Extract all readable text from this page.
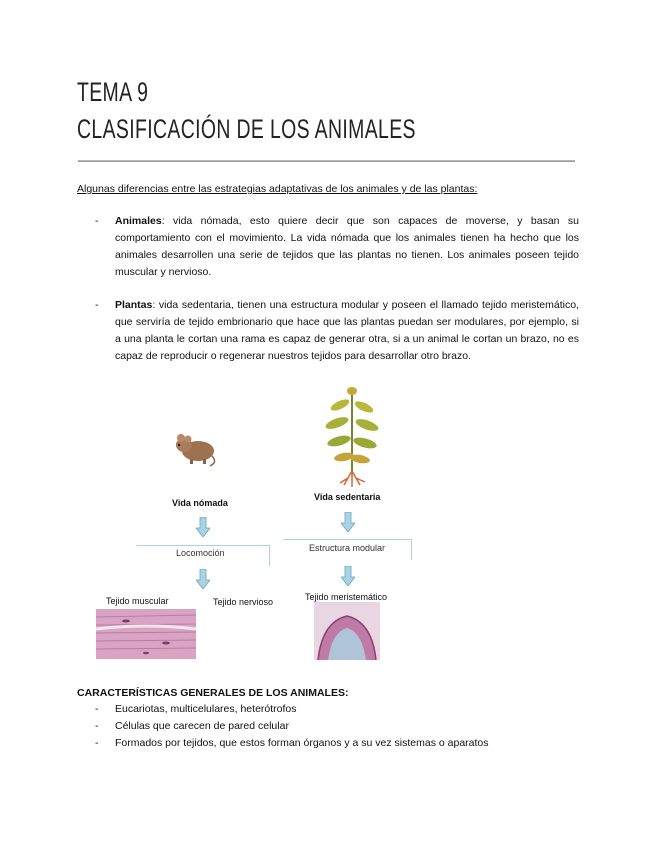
TEMA 9
CLASIFICACIÓN DE LOS ANIMALES
Algunas diferencias entre las estrategias adaptativas de los animales y de las plantas:
- Animales: vida nómada, esto quiere decir que son capaces de moverse, y basan su comportamiento con el movimiento. La vida nómada que los animales tienen ha hecho que los animales desarrollen una serie de tejidos que las plantas no tienen. Los animales poseen tejido muscular y nervioso.
- Plantas: vida sedentaria, tienen una estructura modular y poseen el llamado tejido meristemático, que serviría de tejido embrionario que hace que las plantas puedan ser modulares, por ejemplo, si a una planta le cortan una rama es capaz de generar otra, si a un animal le cortan un brazo, no es capaz de reproducir o regenerar nuestros tejidos para desarrollar otro brazo.
Vida nómada
Vida sedentaria
Locomoción	Estructura modular
Tejido muscular	Tejido nervioso	Tejido meristemático
CARACTERÍSTICAS GENERALES DE LOS ANIMALES:
- Eucariotas, multicelulares, heterótrofos
- Células que carecen de pared celular
- Formados por tejidos, que estos forman órganos y a su vez sistemas o aparatos
